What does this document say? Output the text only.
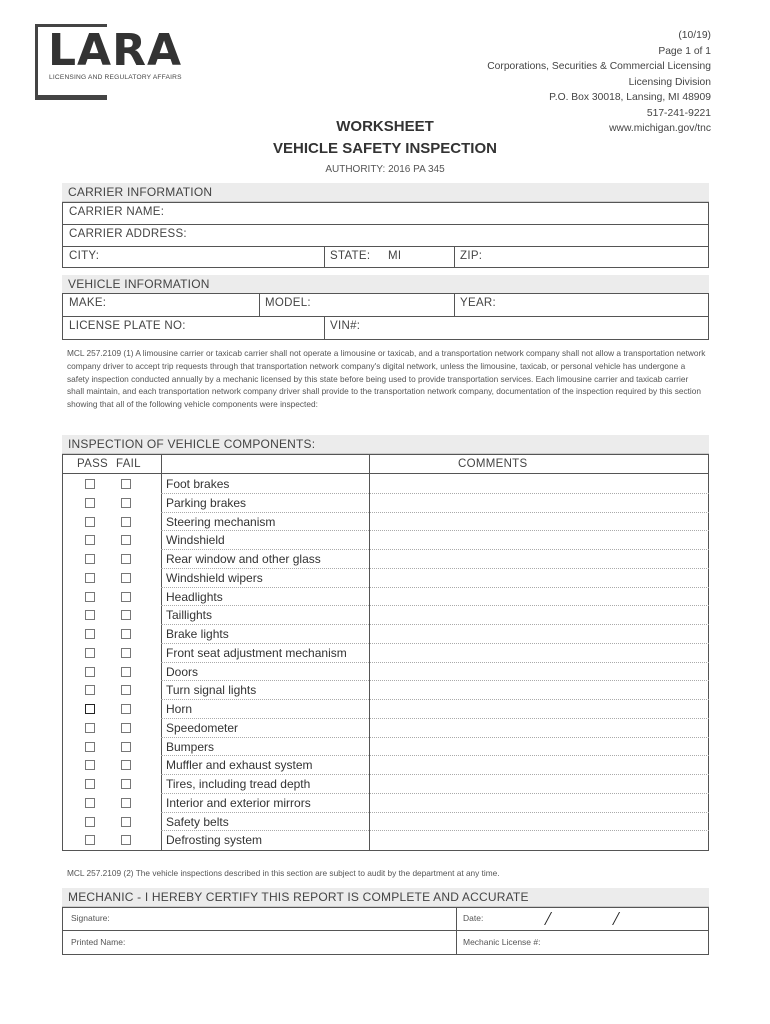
LARA
LICENSING AND REGULATORY AFFAIRS
(10/19)
Page 1 of 1
Corporations, Securities & Commercial Licensing
Licensing Division
P.O. Box 30018, Lansing, MI 48909
517-241-9221
www.michigan.gov/tnc
WORKSHEET
VEHICLE SAFETY INSPECTION
AUTHORITY: 2016 PA 345
CARRIER INFORMATION
CARRIER NAME:
CARRIER ADDRESS:
CITY:	STATE: MI	ZIP:
VEHICLE INFORMATION
MAKE:	MODEL:	YEAR:
LICENSE PLATE NO:	VIN#:
MCL 257.2109 (1) A limousine carrier or taxicab carrier shall not operate a limousine or taxicab, and a transportation network company shall not allow a transportation network company driver to accept trip requests through that transportation network company's digital network, unless the limousine, taxicab, or personal vehicle has undergone a safety inspection conducted annually by a mechanic licensed by this state before being used to provide transportation services. Each limousine carrier and taxicab carrier shall maintain, and each transportation network company driver shall provide to the transportation network company, documentation of the inspection required by this section showing that all of the following vehicle components were inspected:
INSPECTION OF VEHICLE COMPONENTS:
PASS FAIL	COMMENTS
Foot brakes
Parking brakes
Steering mechanism
Windshield
Rear window and other glass
Windshield wipers
Headlights
Taillights
Brake lights
Front seat adjustment mechanism
Doors
Turn signal lights
Horn
Speedometer
Bumpers
Muffler and exhaust system
Tires, including tread depth
Interior and exterior mirrors
Safety belts
Defrosting system
MCL 257.2109 (2) The vehicle inspections described in this section are subject to audit by the department at any time.
MECHANIC - I HEREBY CERTIFY THIS REPORT IS COMPLETE AND ACCURATE
Signature:	Date:	/	/
Printed Name:	Mechanic License #:
